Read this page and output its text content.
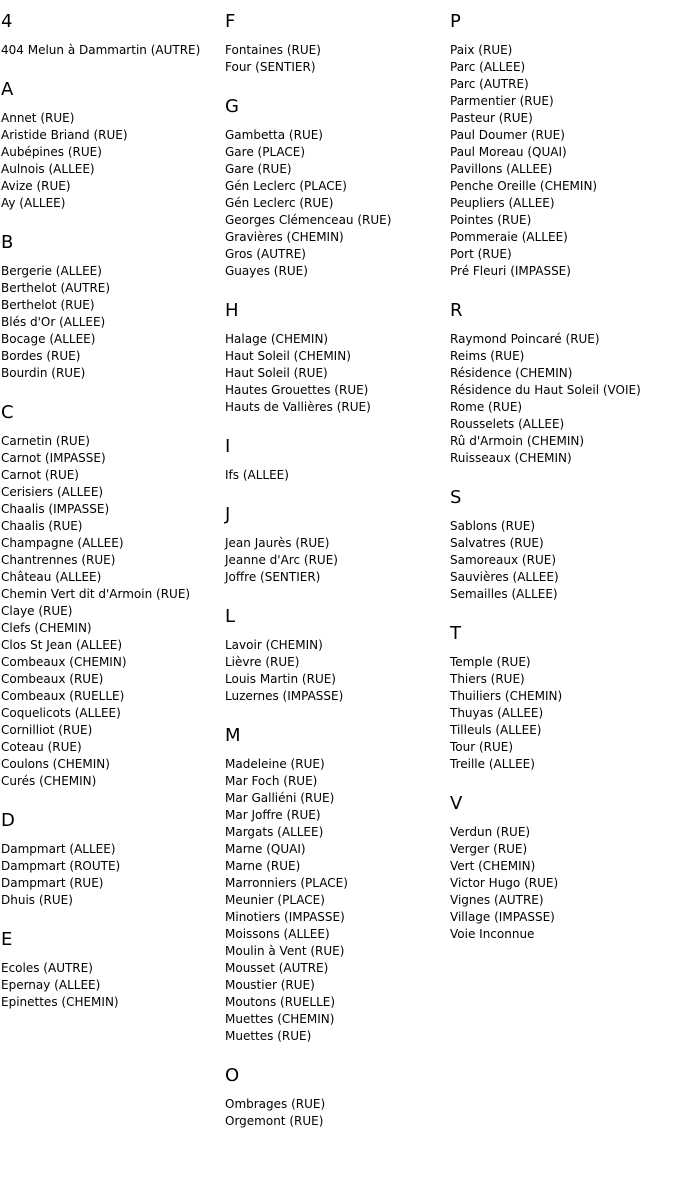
4
404 Melun à Dammartin (AUTRE)
A
Annet (RUE)
Aristide Briand (RUE)
Aubépines (RUE)
Aulnois (ALLEE)
Avize (RUE)
Ay (ALLEE)
B
Bergerie (ALLEE)
Berthelot (AUTRE)
Berthelot (RUE)
Blés d'Or (ALLEE)
Bocage (ALLEE)
Bordes (RUE)
Bourdin (RUE)
C
Carnetin (RUE)
Carnot (IMPASSE)
Carnot (RUE)
Cerisiers (ALLEE)
Chaalis (IMPASSE)
Chaalis (RUE)
Champagne (ALLEE)
Chantrennes (RUE)
Château (ALLEE)
Chemin Vert dit d'Armoin (RUE)
Claye (RUE)
Clefs (CHEMIN)
Clos St Jean (ALLEE)
Combeaux (CHEMIN)
Combeaux (RUE)
Combeaux (RUELLE)
Coquelicots (ALLEE)
Cornilliot (RUE)
Coteau (RUE)
Coulons (CHEMIN)
Curés (CHEMIN)
D
Dampmart (ALLEE)
Dampmart (ROUTE)
Dampmart (RUE)
Dhuis (RUE)
E
Ecoles (AUTRE)
Epernay (ALLEE)
Epinettes (CHEMIN)
F
Fontaines (RUE)
Four (SENTIER)
G
Gambetta (RUE)
Gare (PLACE)
Gare (RUE)
Gén Leclerc (PLACE)
Gén Leclerc (RUE)
Georges Clémenceau (RUE)
Gravières (CHEMIN)
Gros (AUTRE)
Guayes (RUE)
H
Halage (CHEMIN)
Haut Soleil (CHEMIN)
Haut Soleil (RUE)
Hautes Grouettes (RUE)
Hauts de Vallières (RUE)
I
Ifs (ALLEE)
J
Jean Jaurès (RUE)
Jeanne d'Arc (RUE)
Joffre (SENTIER)
L
Lavoir (CHEMIN)
Lièvre (RUE)
Louis Martin (RUE)
Luzernes (IMPASSE)
M
Madeleine (RUE)
Mar Foch (RUE)
Mar Galliéni (RUE)
Mar Joffre (RUE)
Margats (ALLEE)
Marne (QUAI)
Marne (RUE)
Marronniers (PLACE)
Meunier (PLACE)
Minotiers (IMPASSE)
Moissons (ALLEE)
Moulin à Vent (RUE)
Mousset (AUTRE)
Moustier (RUE)
Moutons (RUELLE)
Muettes (CHEMIN)
Muettes (RUE)
O
Ombrages (RUE)
Orgemont (RUE)
P
Paix (RUE)
Parc (ALLEE)
Parc (AUTRE)
Parmentier (RUE)
Pasteur (RUE)
Paul Doumer (RUE)
Paul Moreau (QUAI)
Pavillons (ALLEE)
Penche Oreille (CHEMIN)
Peupliers (ALLEE)
Pointes (RUE)
Pommeraie (ALLEE)
Port (RUE)
Pré Fleuri (IMPASSE)
R
Raymond Poincaré (RUE)
Reims (RUE)
Résidence (CHEMIN)
Résidence du Haut Soleil (VOIE)
Rome (RUE)
Rousselets (ALLEE)
Rû d'Armoin (CHEMIN)
Ruisseaux (CHEMIN)
S
Sablons (RUE)
Salvatres (RUE)
Samoreaux (RUE)
Sauvières (ALLEE)
Semailles (ALLEE)
T
Temple (RUE)
Thiers (RUE)
Thuiliers (CHEMIN)
Thuyas (ALLEE)
Tilleuls (ALLEE)
Tour (RUE)
Treille (ALLEE)
V
Verdun (RUE)
Verger (RUE)
Vert (CHEMIN)
Victor Hugo (RUE)
Vignes (AUTRE)
Village (IMPASSE)
Voie Inconnue
